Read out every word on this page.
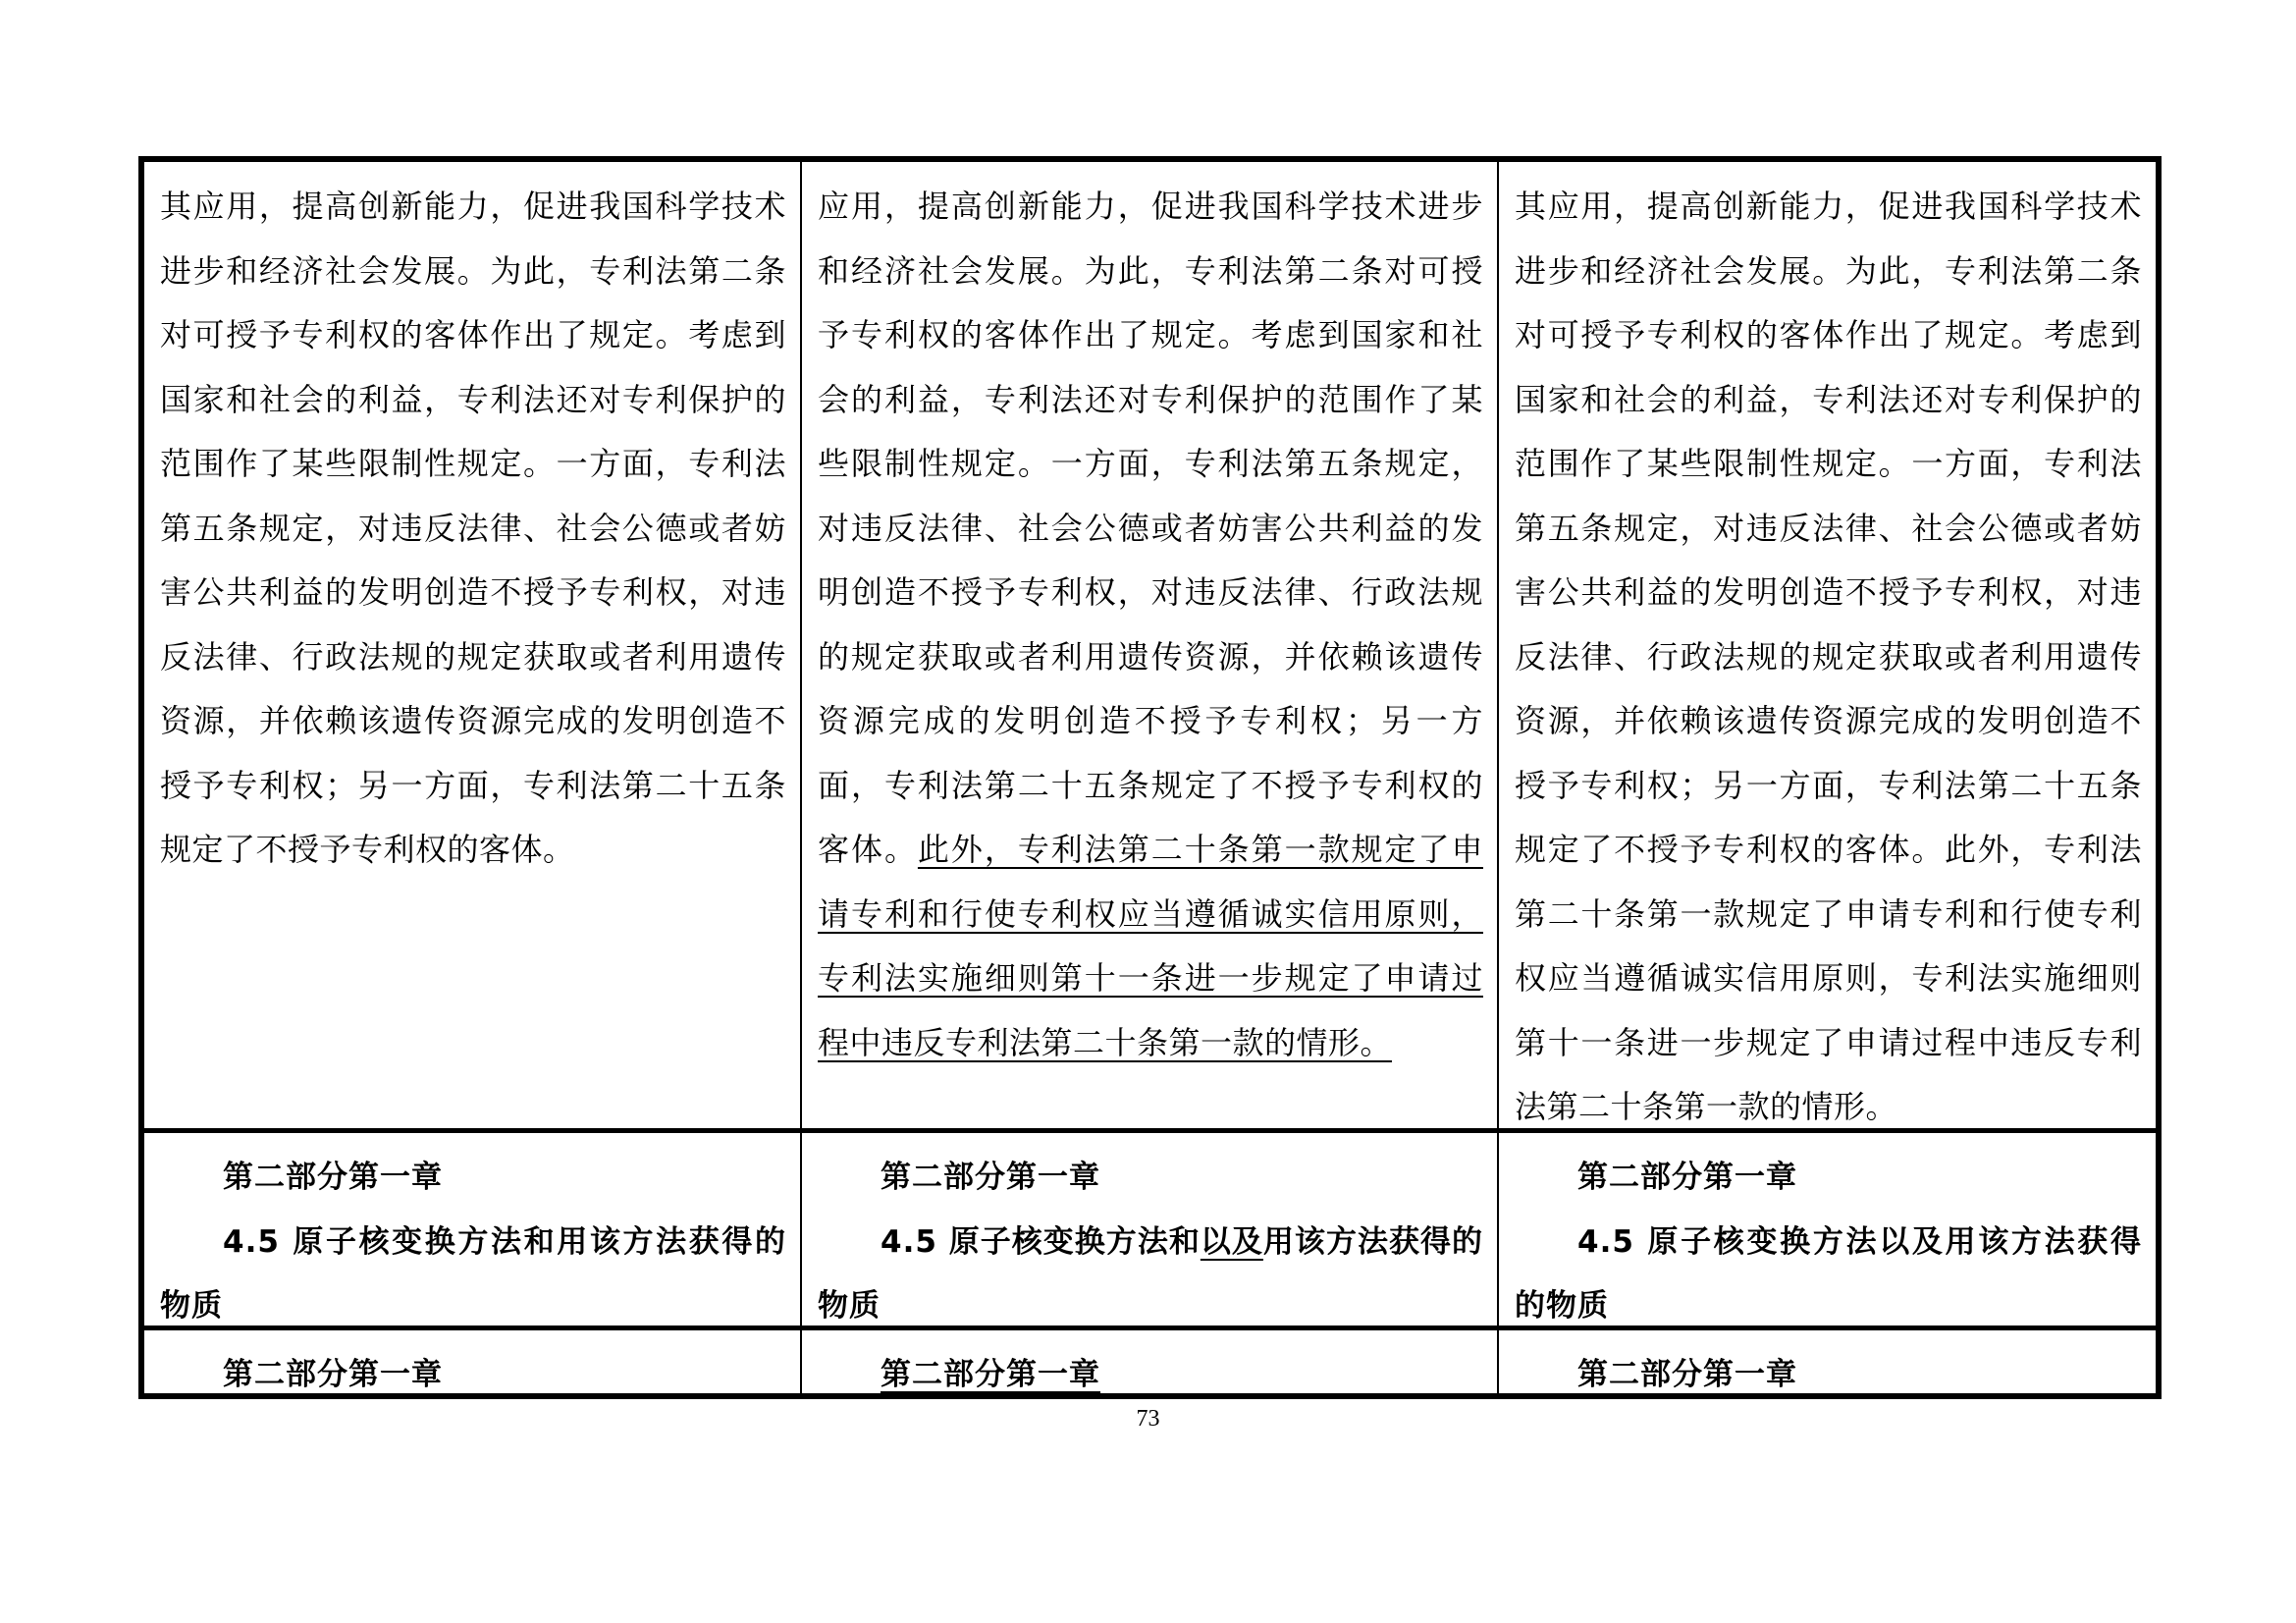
其应用，提高创新能力，促进我国科学技术进步和经济社会发展。为此，专利法第二条对可授予专利权的客体作出了规定。考虑到国家和社会的利益，专利法还对专利保护的范围作了某些限制性规定。一方面，专利法第五条规定，对违反法律、社会公德或者妨害公共利益的发明创造不授予专利权，对违反法律、行政法规的规定获取或者利用遗传资源，并依赖该遗传资源完成的发明创造不授予专利权；另一方面，专利法第二十五条规定了不授予专利权的客体。
应用，提高创新能力，促进我国科学技术进步和经济社会发展。为此，专利法第二条对可授予专利权的客体作出了规定。考虑到国家和社会的利益，专利法还对专利保护的范围作了某些限制性规定。一方面，专利法第五条规定，对违反法律、社会公德或者妨害公共利益的发明创造不授予专利权，对违反法律、行政法规的规定获取或者利用遗传资源，并依赖该遗传资源完成的发明创造不授予专利权；另一方面，专利法第二十五条规定了不授予专利权的客体。此外，专利法第二十条第一款规定了申请专利和行使专利权应当遵循诚实信用原则，专利法实施细则第十一条进一步规定了申请过程中违反专利法第二十条第一款的情形。
其应用，提高创新能力，促进我国科学技术进步和经济社会发展。为此，专利法第二条对可授予专利权的客体作出了规定。考虑到国家和社会的利益，专利法还对专利保护的范围作了某些限制性规定。一方面，专利法第五条规定，对违反法律、社会公德或者妨害公共利益的发明创造不授予专利权，对违反法律、行政法规的规定获取或者利用遗传资源，并依赖该遗传资源完成的发明创造不授予专利权；另一方面，专利法第二十五条规定了不授予专利权的客体。此外，专利法第二十条第一款规定了申请专利和行使专利权应当遵循诚实信用原则，专利法实施细则第十一条进一步规定了申请过程中违反专利法第二十条第一款的情形。

第二部分第一章

4.5 原子核变换方法和用该方法获得的物质

第二部分第一章

4.5 原子核变换方法和以及用该方法获得的物质

第二部分第一章

4.5 原子核变换方法以及用该方法获得的物质

第二部分第一章	第二部分第一章	第二部分第一章

73
